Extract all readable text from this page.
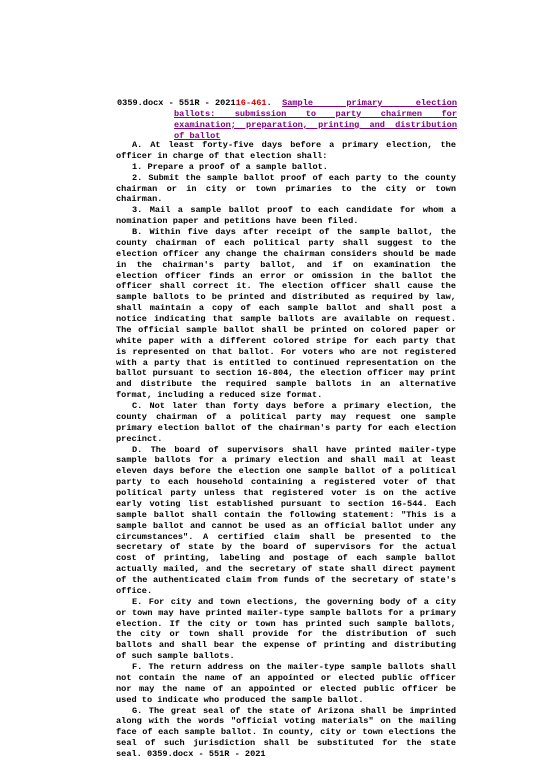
0359.docx - 551R - 202116-461.	Sample primary election
ballots: submission to party chairmen for
examination; preparation, printing and distribution
of ballot

A. At least forty-five days before a primary election, the officer in charge of that election shall:

1. Prepare a proof of a sample ballot.

2. Submit the sample ballot proof of each party to the county chairman or in city or town primaries to the city or town chairman.

3. Mail a sample ballot proof to each candidate for whom a nomination paper and petitions have been filed.

B. Within five days after receipt of the sample ballot, the county chairman of each political party shall suggest to the election officer any change the chairman considers should be made in the chairman's party ballot, and if on examination the election officer finds an error or omission in the ballot the officer shall correct it. The election officer shall cause the sample ballots to be printed and distributed as required by law, shall maintain a copy of each sample ballot and shall post a notice indicating that sample ballots are available on request. The official sample ballot shall be printed on colored paper or white paper with a different colored stripe for each party that is represented on that ballot. For voters who are not registered with a party that is entitled to continued representation on the ballot pursuant to section 16-804, the election officer may print and distribute the required sample ballots in an alternative format, including a reduced size format.

C. Not later than forty days before a primary election, the county chairman of a political party may request one sample primary election ballot of the chairman's party for each election precinct.

D. The board of supervisors shall have printed mailer-type sample ballots for a primary election and shall mail at least eleven days before the election one sample ballot of a political party to each household containing a registered voter of that political party unless that registered voter is on the active early voting list established pursuant to section 16-544. Each sample ballot shall contain the following statement: "This is a sample ballot and cannot be used as an official ballot under any circumstances". A certified claim shall be presented to the secretary of state by the board of supervisors for the actual cost of printing, labeling and postage of each sample ballot actually mailed, and the secretary of state shall direct payment of the authenticated claim from funds of the secretary of state's office.

E. For city and town elections, the governing body of a city or town may have printed mailer-type sample ballots for a primary election. If the city or town has printed such sample ballots, the city or town shall provide for the distribution of such ballots and shall bear the expense of printing and distributing of such sample ballots.

F. The return address on the mailer-type sample ballots shall not contain the name of an appointed or elected public officer nor may the name of an appointed or elected public officer be used to indicate who produced the sample ballot.

G. The great seal of the state of Arizona shall be imprinted along with the words "official voting materials" on the mailing face of each sample ballot. In county, city or town elections the seal of such jurisdiction shall be substituted for the state seal. 0359.docx - 551R - 2021
